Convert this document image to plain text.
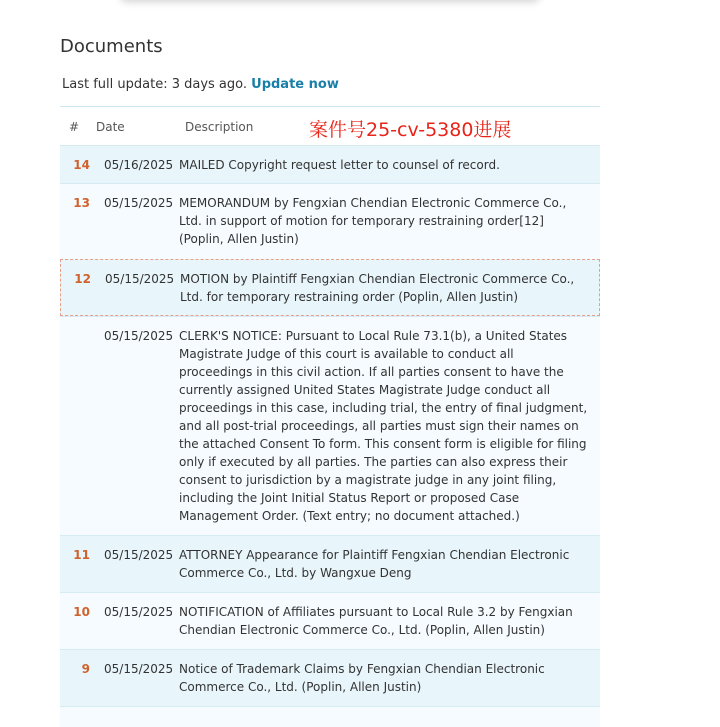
Documents
Last full update: 3 days ago. Update now
# Date	Description	案件号25-cv-5380进展
14	05/16/2025 MAILED Copyright request letter to counsel of record.
13	05/15/2025 MEMORANDUM by Fengxian Chendian Electronic Commerce Co., Ltd. in support of motion for temporary restraining order[12] (Poplin, Allen Justin)
12	05/15/2025 MOTION by Plaintiff Fengxian Chendian Electronic Commerce Co., Ltd. for temporary restraining order (Poplin, Allen Justin)
05/15/2025 CLERK'S NOTICE: Pursuant to Local Rule 73.1(b), a United States Magistrate Judge of this court is available to conduct all proceedings in this civil action. If all parties consent to have the currently assigned United States Magistrate Judge conduct all proceedings in this case, including trial, the entry of final judgment, and all post-trial proceedings, all parties must sign their names on the attached Consent To form. This consent form is eligible for filing only if executed by all parties. The parties can also express their consent to jurisdiction by a magistrate judge in any joint filing, including the Joint Initial Status Report or proposed Case Management Order. (Text entry; no document attached.)
11	05/15/2025 ATTORNEY Appearance for Plaintiff Fengxian Chendian Electronic Commerce Co., Ltd. by Wangxue Deng
10	05/15/2025 NOTIFICATION of Affiliates pursuant to Local Rule 3.2 by Fengxian Chendian Electronic Commerce Co., Ltd. (Poplin, Allen Justin)
9	05/15/2025 Notice of Trademark Claims by Fengxian Chendian Electronic Commerce Co., Ltd. (Poplin, Allen Justin)
